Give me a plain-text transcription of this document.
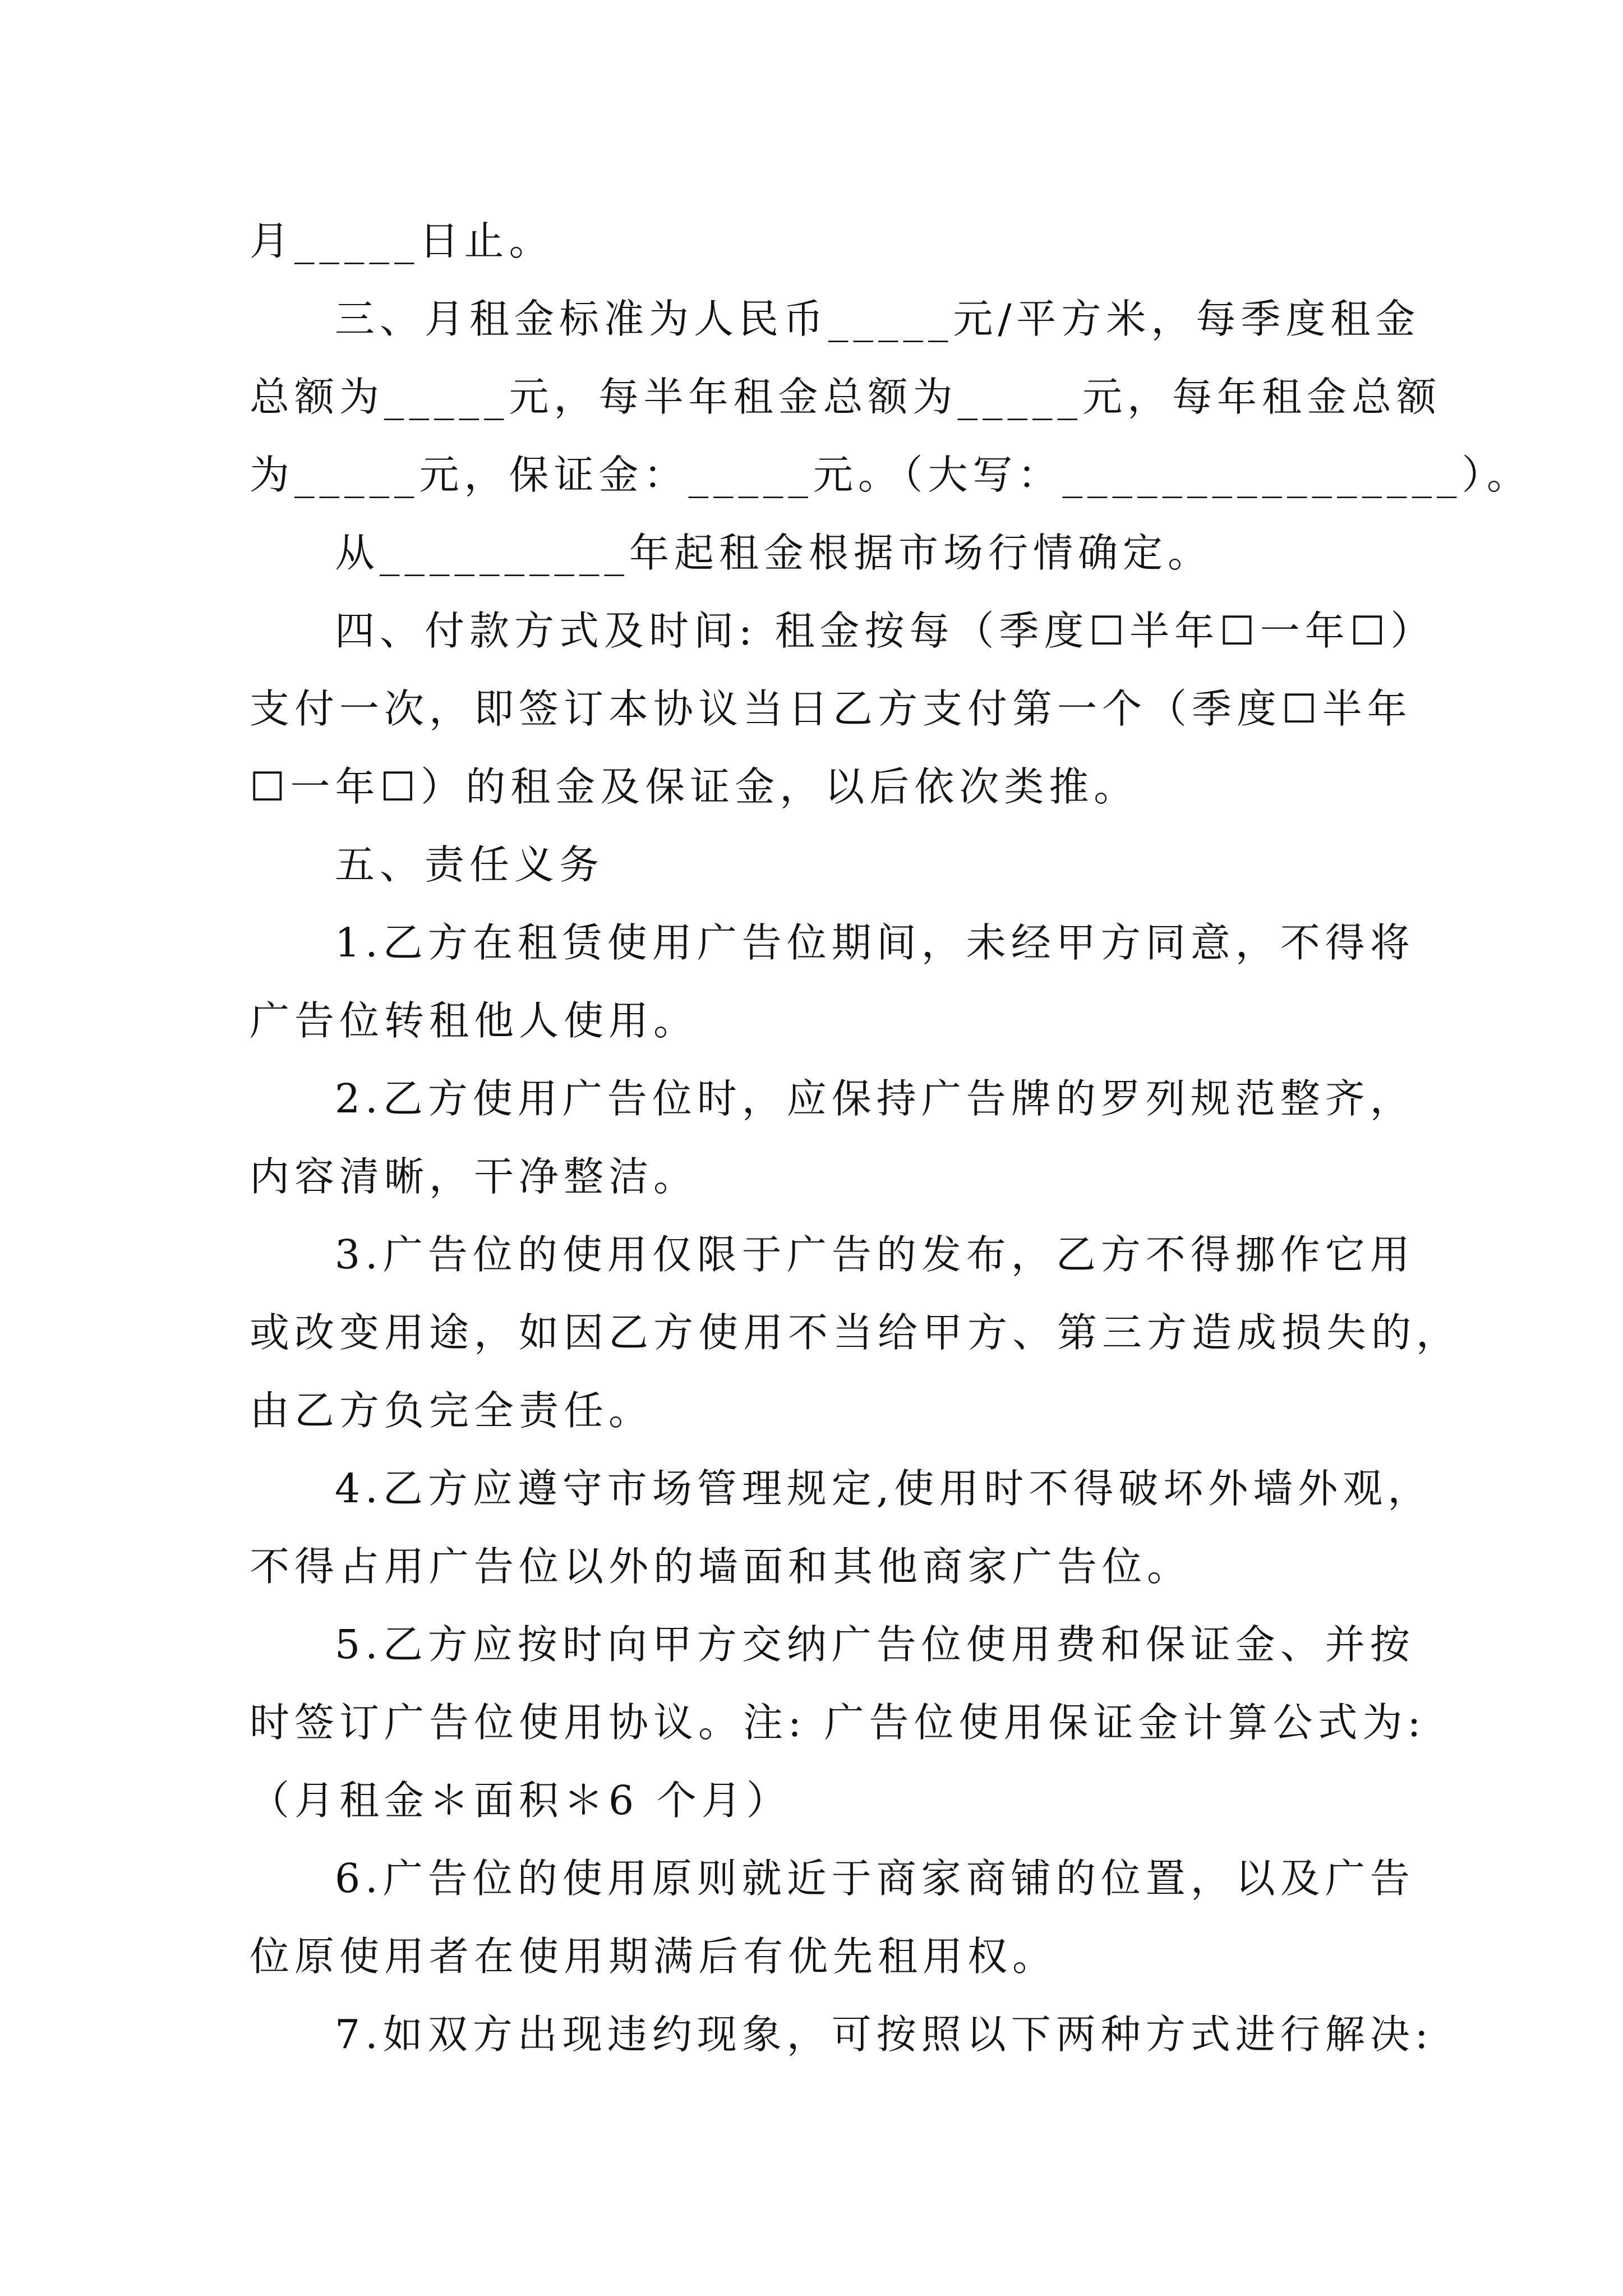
月_____日止。
三、月租金标准为人民币_____元/平方米，每季度租金
总额为_____元，每半年租金总额为_____元，每年租金总额
为_____元，保证金：_____元。（大写：________________）。
从__________年起租金根据市场行情确定。
四、付款方式及时间: 租金按每（季度☐半年☐一年☐）
支付一次，即签订本协议当日乙方支付第一个（季度☐半年
☐一年☐）的租金及保证金，以后依次类推。
五、责任义务
1.乙方在租赁使用广告位期间，未经甲方同意，不得将
广告位转租他人使用。
2.乙方使用广告位时，应保持广告牌的罗列规范整齐，
内容清晰，干净整洁。
3.广告位的使用仅限于广告的发布，乙方不得挪作它用
或改变用途，如因乙方使用不当给甲方、第三方造成损失的，
由乙方负完全责任。
4.乙方应遵守市场管理规定,使用时不得破坏外墙外观，
不得占用广告位以外的墙面和其他商家广告位。
5.乙方应按时向甲方交纳广告位使用费和保证金、并按
时签订广告位使用协议。注: 广告位使用保证金计算公式为:
（月租金＊面积＊6 个月）
6.广告位的使用原则就近于商家商铺的位置，以及广告
位原使用者在使用期满后有优先租用权。
7.如双方出现违约现象，可按照以下两种方式进行解决:
